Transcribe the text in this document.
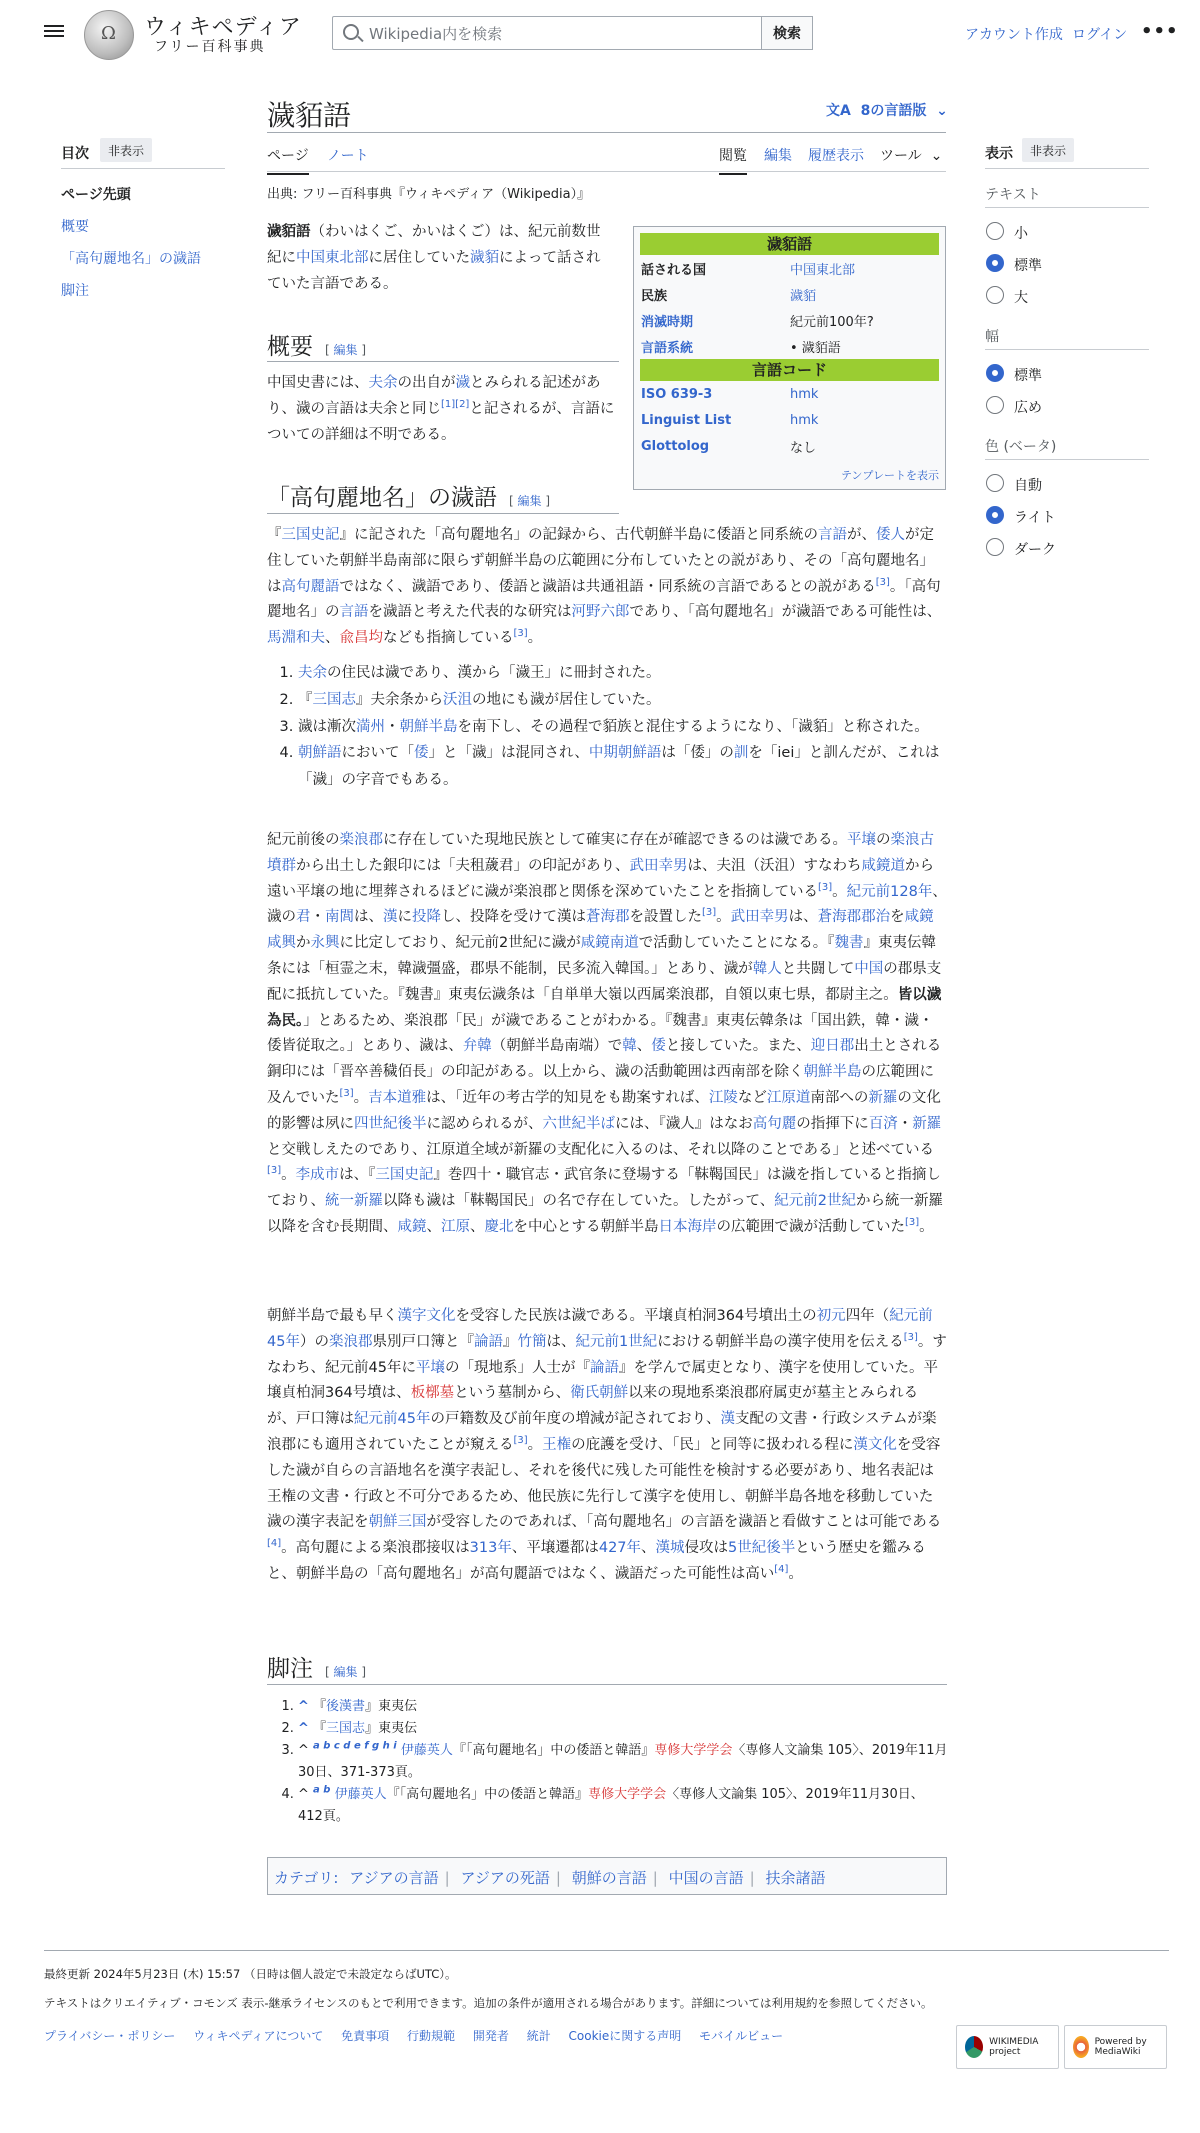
Ω
ウィキペディア
フリー百科事典
Wikipedia内を検索	検索	アカウント作成 ログイン •••
目次	非表示
ページ先頭
概要
「高句麗地名」の濊語
脚注
表示	非表示
テキスト
小
標準
大
幅
標準
広め
色 (ベータ)
自動
ライト
ダーク
濊貊語	文A 8の言語版 ⌄
ページ ノート	閲覧 編集 履歴表示 ツール ⌄
出典: フリー百科事典『ウィキペディア（Wikipedia）』
濊貊語
話される国	中国東北部
民族	濊貊
消滅時期	紀元前100年?
言語系統	• 濊貊語
言語コード
ISO 639-3	hmk
Linguist List	hmk
Glottolog	なし
テンプレートを表示
濊貊語（わいはくご、かいはくご）は、紀元前数世紀に中国東北部に居住していた濊貊によって話されていた言語である。
概要 [ 編集 ]
中国史書には、夫余の出自が濊とみられる記述があり、濊の言語は夫余と同じ[1][2]と記されるが、言語についての詳細は不明である。
「高句麗地名」の濊語 [ 編集 ]
『三国史記』に記された「高句麗地名」の記録から、古代朝鮮半島に倭語と同系統の言語が、倭人が定住していた朝鮮半島南部に限らず朝鮮半島の広範囲に分布していたとの説があり、その「高句麗地名」は高句麗語ではなく、濊語であり、倭語と濊語は共通祖語・同系統の言語であるとの説がある[3]。「高句麗地名」の言語を濊語と考えた代表的な研究は河野六郎であり、「高句麗地名」が濊語である可能性は、馬淵和夫、兪昌均なども指摘している[3]。
1. 夫余の住民は濊であり、漢から「濊王」に冊封された。
2. 『三国志』夫余条から沃沮の地にも濊が居住していた。
3. 濊は漸次満州・朝鮮半島を南下し、その過程で貊族と混住するようになり、「濊貊」と称された。
4. 朝鮮語において「倭」と「濊」は混同され、中期朝鮮語は「倭」の訓を「iei」と訓んだが、これは「濊」の字音でもある。
紀元前後の楽浪郡に存在していた現地民族として確実に存在が確認できるのは濊である。平壌の楽浪古墳群から出土した銀印には「夫租薉君」の印記があり、武田幸男は、夫沮（沃沮）すなわち咸鏡道から遠い平壌の地に埋葬されるほどに濊が楽浪郡と関係を深めていたことを指摘している[3]。紀元前128年、濊の君・南閭は、漢に投降し、投降を受けて漢は蒼海郡を設置した[3]。武田幸男は、蒼海郡郡治を咸鏡咸興か永興に比定しており、紀元前2世紀に濊が咸鏡南道で活動していたことになる。『魏書』東夷伝韓条には「桓霊之末，韓濊彊盛，郡県不能制，民多流入韓国。」とあり、濊が韓人と共闘して中国の郡県支配に抵抗していた。『魏書』東夷伝濊条は「自単単大嶺以西属楽浪郡，自領以東七県，都尉主之。皆以濊為民。」とあるため、楽浪郡「民」が濊であることがわかる。『魏書』東夷伝韓条は「国出鉄，韓・濊・倭皆従取之。」とあり、濊は、弁韓（朝鮮半島南端）で韓、倭と接していた。また、迎日郡出土とされる銅印には「晋卒善穢佰長」の印記がある。以上から、濊の活動範囲は西南部を除く朝鮮半島の広範囲に及んでいた[3]。吉本道雅は、「近年の考古学的知見をも勘案すれば、江陵など江原道南部への新羅の文化的影響は夙に四世紀後半に認められるが、六世紀半ばには、『濊人』はなお高句麗の指揮下に百済・新羅と交戦しえたのであり、江原道全域が新羅の支配化に入るのは、それ以降のことである」と述べている[3]。李成市は、『三国史記』巻四十・職官志・武官条に登場する「靺鞨国民」は濊を指していると指摘しており、統一新羅以降も濊は「靺鞨国民」の名で存在していた。したがって、紀元前2世紀から統一新羅以降を含む長期間、咸鏡、江原、慶北を中心とする朝鮮半島日本海岸の広範囲で濊が活動していた[3]。
朝鮮半島で最も早く漢字文化を受容した民族は濊である。平壌貞柏洞364号墳出土の初元四年（紀元前45年）の楽浪郡県別戸口簿と『論語』竹簡は、紀元前1世紀における朝鮮半島の漢字使用を伝える[3]。すなわち、紀元前45年に平壌の「現地系」人士が『論語』を学んで属吏となり、漢字を使用していた。平壌貞柏洞364号墳は、板槨墓という墓制から、衛氏朝鮮以来の現地系楽浪郡府属吏が墓主とみられるが、戸口簿は紀元前45年の戸籍数及び前年度の増減が記されており、漢支配の文書・行政システムが楽浪郡にも適用されていたことが窺える[3]。王権の庇護を受け、「民」と同等に扱われる程に漢文化を受容した濊が自らの言語地名を漢字表記し、それを後代に残した可能性を検討する必要があり、地名表記は王権の文書・行政と不可分であるため、他民族に先行して漢字を使用し、朝鮮半島各地を移動していた濊の漢字表記を朝鮮三国が受容したのであれば、「高句麗地名」の言語を濊語と看做すことは可能である[4]。高句麗による楽浪郡接収は313年、平壌遷都は427年、漢城侵攻は5世紀後半という歴史を鑑みると、朝鮮半島の「高句麗地名」が高句麗語ではなく、濊語だった可能性は高い[4]。
脚注 [ 編集 ]
1. ^ 『後漢書』東夷伝
2. ^ 『三国志』東夷伝
3. ^ $^{a b c d e f g h i}$ 伊藤英人『「高句麗地名」中の倭語と韓語』専修大学学会〈専修人文論集 105〉、2019年11月30日、371-373頁。
4. ^ $^{a b}$ 伊藤英人『「高句麗地名」中の倭語と韓語』専修大学学会〈専修人文論集 105〉、2019年11月30日、412頁。
カテゴリ: アジアの言語 | アジアの死語 | 朝鮮の言語 | 中国の言語 | 扶余諸語
最終更新 2024年5月23日 (木) 15:57 （日時は個人設定で未設定ならばUTC）。
テキストはクリエイティブ・コモンズ 表示-継承ライセンスのもとで利用できます。追加の条件が適用される場合があります。詳細については利用規約を参照してください。
プライバシー・ポリシー ウィキペディアについて 免責事項 行動規範 開発者 統計 Cookieに関する声明 モバイルビュー	WIKIMEDIA project
Powered by MediaWiki
